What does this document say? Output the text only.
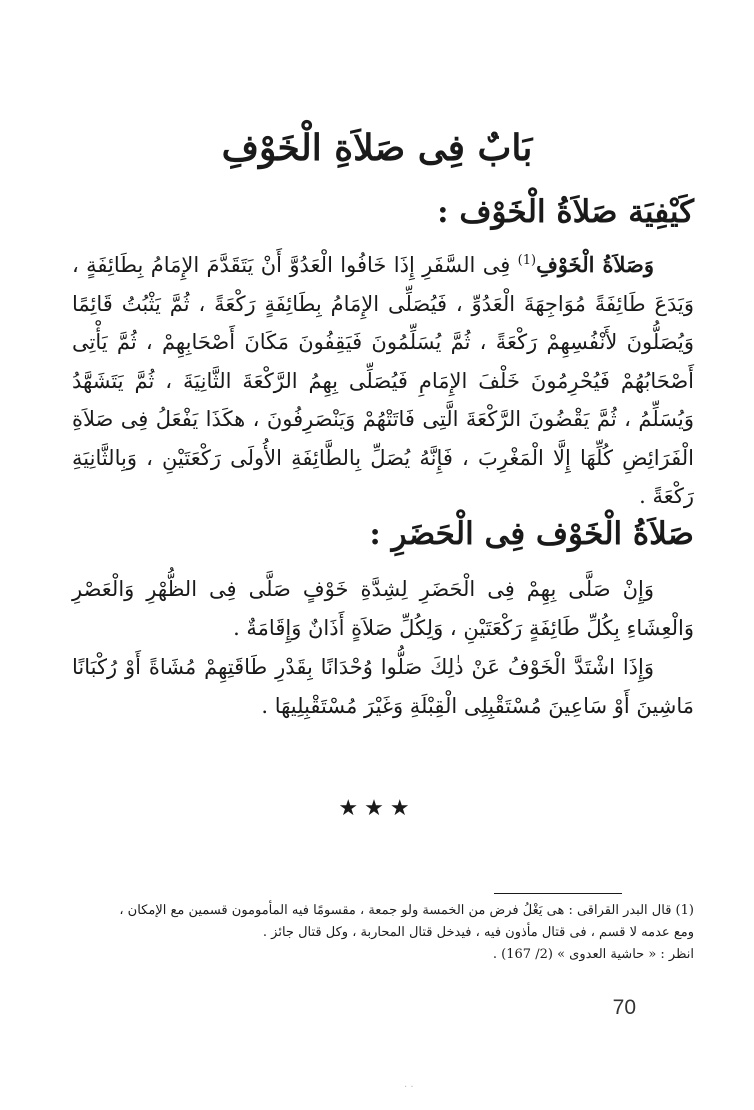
بَابٌ فِى صَلاَةِ الْخَوْفِ
كَيْفِيَة صَلاَةُ الْخَوْف :

وَصَلاَةُ الْخَوْفِ$^{(1)}$ فِى السَّفَرِ إِذَا خَافُوا الْعَدُوَّ أَنْ يَتَقَدَّمَ الإِمَامُ بِطَائِفَةٍ ، وَيَدَعَ طَائِفَةً مُوَاجِهَةَ الْعَدُوِّ ، فَيُصَلِّى الإِمَامُ بِطَائِفَةٍ رَكْعَةً ، ثُمَّ يَثْبُتُ قَائِمًا وَيُصَلُّونَ لأَنْفُسِهِمْ رَكْعَةً ، ثُمَّ يُسَلِّمُونَ فَيَقِفُونَ مَكَانَ أَصْحَابِهِمْ ، ثُمَّ يَأْتِى أَصْحَابُهُمْ فَيُحْرِمُونَ خَلْفَ الإِمَامِ فَيُصَلِّى بِهِمُ الرَّكْعَةَ الثَّانِيَةَ ، ثُمَّ يَتَشَهَّدُ وَيُسَلِّمُ ، ثُمَّ يَقْضُونَ الرَّكْعَةَ الَّتِى فَاتَتْهُمْ وَيَنْصَرِفُونَ ، هكَذَا يَفْعَلُ فِى صَلاَةِ الْفَرَائِضِ كُلِّهَا إِلَّا الْمَغْرِبَ ، فَإِنَّهُ يُصَلِّ بِالطَّائِفَةِ الأُولَى رَكْعَتَيْنِ ، وَبِالثَّانِيَةِ رَكْعَةً .

صَلاَةُ الْخَوْف فِى الْحَضَرِ :

وَإِنْ صَلَّى بِهِمْ فِى الْحَضَرِ لِشِدَّةِ خَوْفٍ صَلَّى فِى الظُّهْرِ وَالْعَصْرِ وَالْعِشَاءِ بِكُلِّ طَائِفَةٍ رَكْعَتَيْنِ ، وَلِكُلِّ صَلاَةٍ أَذَانٌ وَإِقَامَةٌ .

وَإِذَا اشْتَدَّ الْخَوْفُ عَنْ ذٰلِكَ صَلُّوا وُحْدَانًا بِقَدْرِ طَاقَتِهِمْ مُشَاةً أَوْ رُكْبَانًا مَاشِينَ أَوْ سَاعِينَ مُسْتَقْبِلِى الْقِبْلَةِ وَغَيْرَ مُسْتَقْبِلِيهَا .

★★★
(1) قال البدر القراقى : هى يَغْلُ فرض من الخمسة ولو جمعة ، مقسومًا فيه المأمومون قسمين مع الإمكان ،
ومع عدمه لا قسم ، فى قتال مأذون فيه ، فيدخل قتال المحاربة ، وكل قتال جائز .
انظر : « حاشية العدوى » (2/ 167) .
70
· ·
